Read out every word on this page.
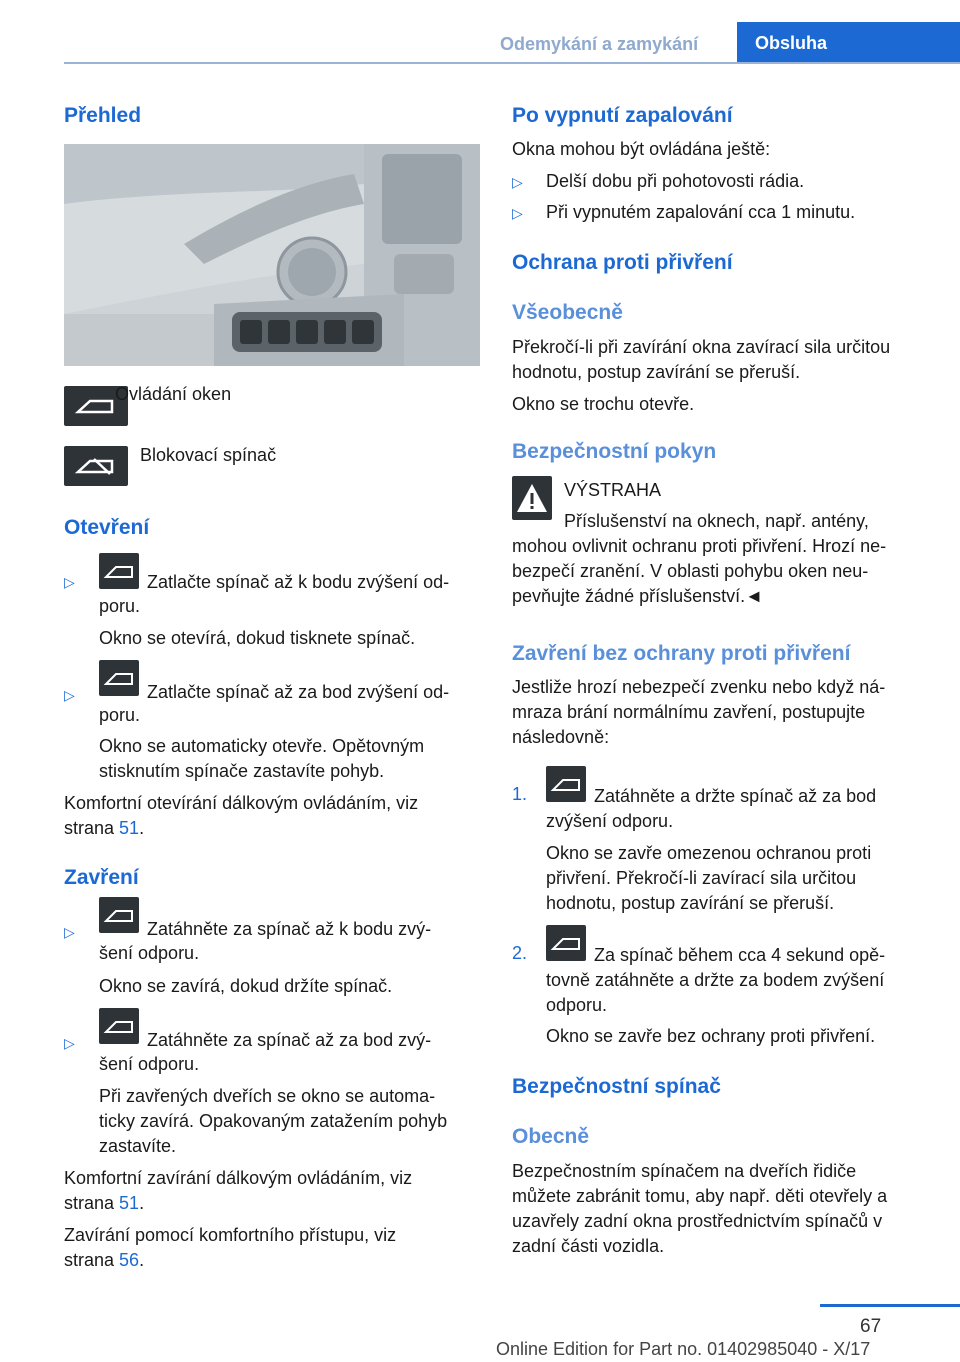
Odemykání a zamykání	Obsluha
Přehled
Ovládání oken
Blokovací spínač
Otevření
▷	Zatlačte spínač až k bodu zvýšení od-
poru.
Okno se otevírá, dokud tisknete spínač.
▷	Zatlačte spínač až za bod zvýšení od-
poru.
Okno se automaticky otevře. Opětovným
stisknutím spínače zastavíte pohyb.
Komfortní otevírání dálkovým ovládáním, viz
strana 51.
Zavření
▷	Zatáhněte za spínač až k bodu zvý-
šení odporu.
Okno se zavírá, dokud držíte spínač.
▷	Zatáhněte za spínač až za bod zvý-
šení odporu.
Při zavřených dveřích se okno se automa-
ticky zavírá. Opakovaným zatažením pohyb
zastavíte.
Komfortní zavírání dálkovým ovládáním, viz
strana 51.
Zavírání pomocí komfortního přístupu, viz
strana 56.
Po vypnutí zapalování
Okna mohou být ovládána ještě:
▷ Delší dobu při pohotovosti rádia.
▷ Při vypnutém zapalování cca 1 minutu.
Ochrana proti přivření
Všeobecně
Překročí-li při zavírání okna zavírací sila určitou
hodnotu, postup zavírání se přeruší.
Okno se trochu otevře.
Bezpečnostní pokyn
VÝSTRAHA
Příslušenství na oknech, např. antény,
mohou ovlivnit ochranu proti přivření. Hrozí ne-
bezpečí zranění. V oblasti pohybu oken neu-
pevňujte žádné příslušenství.◄
Zavření bez ochrany proti přivření
Jestliže hrozí nebezpečí zvenku nebo když ná-
mraza brání normálnímu zavření, postupujte
následovně:
1.	Zatáhněte a držte spínač až za bod
zvýšení odporu.
Okno se zavře omezenou ochranou proti
přivření. Překročí-li zavírací sila určitou
hodnotu, postup zavírání se přeruší.
2.	Za spínač během cca 4 sekund opě-
tovně zatáhněte a držte za bodem zvýšení
odporu.
Okno se zavře bez ochrany proti přivření.
Bezpečnostní spínač
Obecně
Bezpečnostním spínačem na dveřích řidiče
můžete zabránit tomu, aby např. děti otevřely a
uzavřely zadní okna prostřednictvím spínačů v
zadní části vozidla.
67
Online Edition for Part no. 01402985040 - X/17
